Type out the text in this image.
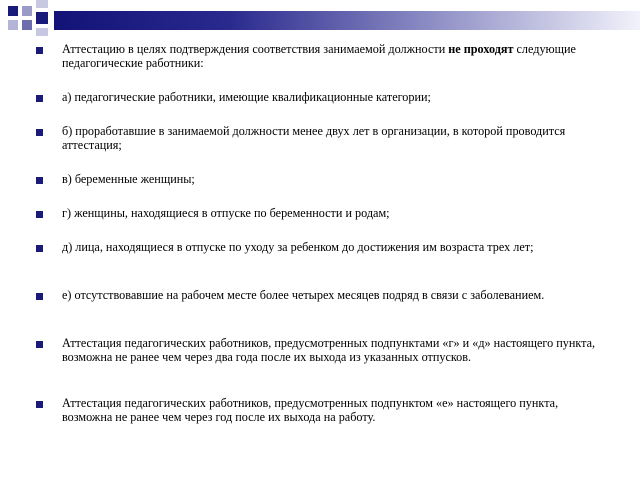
Аттестацию в целях подтверждения соответствия занимаемой должности не проходят следующие педагогические работники:
а) педагогические работники, имеющие квалификационные категории;
б) проработавшие в занимаемой должности менее двух лет в организации, в которой проводится аттестация;
в) беременные женщины;
г) женщины, находящиеся в отпуске по беременности и родам;
д) лица, находящиеся в отпуске по уходу за ребенком до достижения им возраста трех лет;
е) отсутствовавшие на рабочем месте более четырех месяцев подряд в связи с заболеванием.
Аттестация педагогических работников, предусмотренных подпунктами «г» и «д» настоящего пункта, возможна не ранее чем через два года после их выхода из указанных отпусков.
Аттестация педагогических работников, предусмотренных подпунктом «е» настоящего пункта, возможна не ранее чем через год после их выхода на работу.
